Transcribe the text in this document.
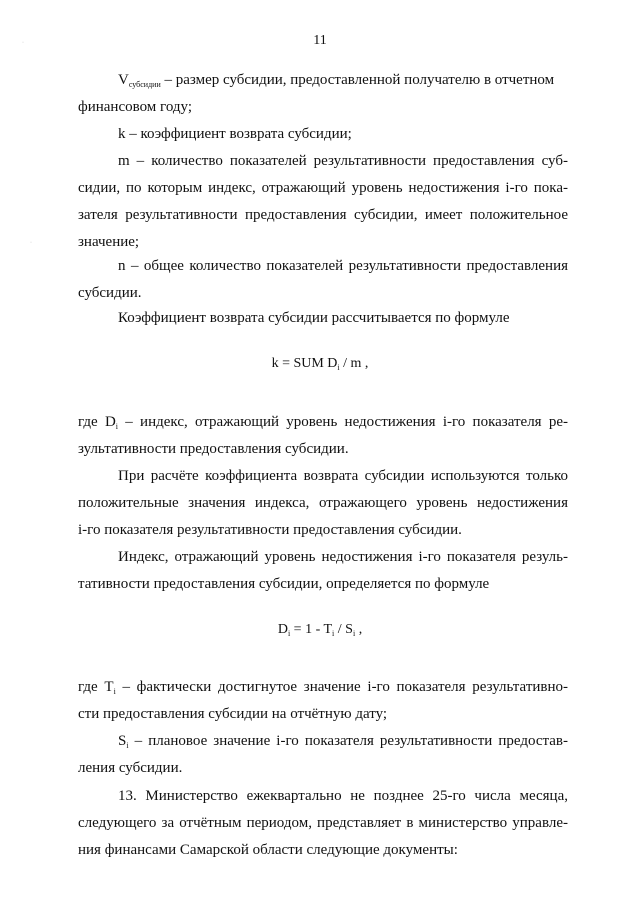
11
$V_{субсидии}$ – размер субсидии, предоставленной получателю в отчетном
финансовом году;
k – коэффициент возврата субсидии;
m – количество показателей результативности предоставления суб-
сидии, по которым индекс, отражающий уровень недостижения i-го пока-
зателя результативности предоставления субсидии, имеет положительное
значение;
n – общее количество показателей результативности предоставления
субсидии.
Коэффициент возврата субсидии рассчитывается по формуле
где $D_i$ – индекс, отражающий уровень недостижения i-го показателя ре-
зультативности предоставления субсидии.
При расчёте коэффициента возврата субсидии используются только
положительные значения индекса, отражающего уровень недостижения
i-го показателя результативности предоставления субсидии.
Индекс, отражающий уровень недостижения i-го показателя резуль-
тативности предоставления субсидии, определяется по формуле
где $T_i$ – фактически достигнутое значение i-го показателя результативно-
сти предоставления субсидии на отчётную дату;
$S_i$ – плановое значение i-го показателя результативности предостав-
ления субсидии.
13. Министерство ежеквартально не позднее 25-го числа месяца,
следующего за отчётным периодом, представляет в министерство управле-
ния финансами Самарской области следующие документы:
k = SUM $D_i$ / m ,
$D_i = 1 - T_i / S_i$ ,
·
·
